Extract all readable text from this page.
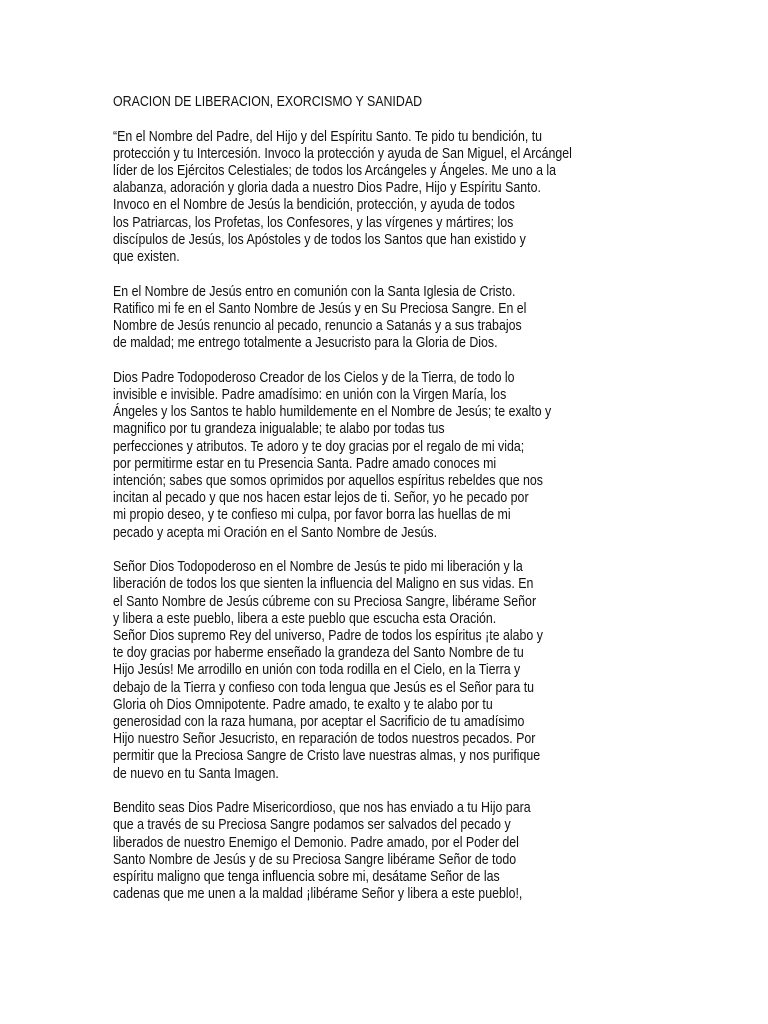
ORACION DE LIBERACION, EXORCISMO Y SANIDAD
“En el Nombre del Padre, del Hijo y del Espíritu Santo. Te pido tu bendición, tu
protección y tu Intercesión. Invoco la protección y ayuda de San Miguel, el Arcángel
líder de los Ejércitos Celestiales; de todos los Arcángeles y Ángeles. Me uno a la
alabanza, adoración y gloria dada a nuestro Dios Padre, Hijo y Espíritu Santo.
Invoco en el Nombre de Jesús la bendición, protección, y ayuda de todos
los Patriarcas, los Profetas, los Confesores, y las vírgenes y mártires; los
discípulos de Jesús, los Apóstoles y de todos los Santos que han existido y
que existen.
En el Nombre de Jesús entro en comunión con la Santa Iglesia de Cristo.
Ratifico mi fe en el Santo Nombre de Jesús y en Su Preciosa Sangre. En el
Nombre de Jesús renuncio al pecado, renuncio a Satanás y a sus trabajos
de maldad; me entrego totalmente a Jesucristo para la Gloria de Dios.
Dios Padre Todopoderoso Creador de los Cielos y de la Tierra, de todo lo
invisible e invisible. Padre amadísimo: en unión con la Virgen María, los
Ángeles y los Santos te hablo humildemente en el Nombre de Jesús; te exalto y
magnifico por tu grandeza inigualable; te alabo por todas tus
perfecciones y atributos. Te adoro y te doy gracias por el regalo de mi vida;
por permitirme estar en tu Presencia Santa. Padre amado conoces mi
intención; sabes que somos oprimidos por aquellos espíritus rebeldes que nos
incitan al pecado y que nos hacen estar lejos de ti. Señor, yo he pecado por
mi propio deseo, y te confieso mi culpa, por favor borra las huellas de mi
pecado y acepta mi Oración en el Santo Nombre de Jesús.
Señor Dios Todopoderoso en el Nombre de Jesús te pido mi liberación y la
liberación de todos los que sienten la influencia del Maligno en sus vidas. En
el Santo Nombre de Jesús cúbreme con su Preciosa Sangre, libérame Señor
y libera a este pueblo, libera a este pueblo que escucha esta Oración.
Señor Dios supremo Rey del universo, Padre de todos los espíritus ¡te alabo y
te doy gracias por haberme enseñado la grandeza del Santo Nombre de tu
Hijo Jesús! Me arrodillo en unión con toda rodilla en el Cielo, en la Tierra y
debajo de la Tierra y confieso con toda lengua que Jesús es el Señor para tu
Gloria oh Dios Omnipotente. Padre amado, te exalto y te alabo por tu
generosidad con la raza humana, por aceptar el Sacrificio de tu amadísimo
Hijo nuestro Señor Jesucristo, en reparación de todos nuestros pecados. Por
permitir que la Preciosa Sangre de Cristo lave nuestras almas, y nos purifique
de nuevo en tu Santa Imagen.
Bendito seas Dios Padre Misericordioso, que nos has enviado a tu Hijo para
que a través de su Preciosa Sangre podamos ser salvados del pecado y
liberados de nuestro Enemigo el Demonio. Padre amado, por el Poder del
Santo Nombre de Jesús y de su Preciosa Sangre libérame Señor de todo
espíritu maligno que tenga influencia sobre mi, desátame Señor de las
cadenas que me unen a la maldad ¡libérame Señor y libera a este pueblo!,
